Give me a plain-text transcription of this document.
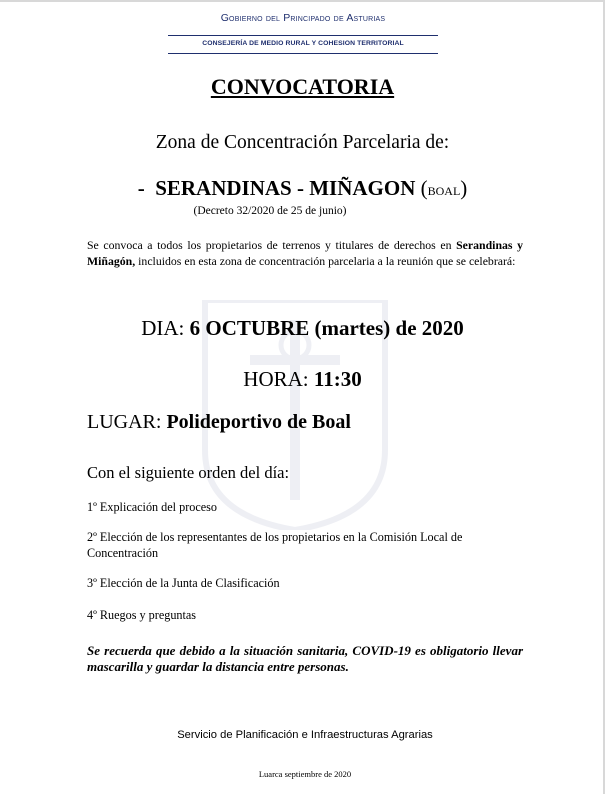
Gobierno del Principado de Asturias
CONSEJERÍA DE MEDIO RURAL Y COHESION TERRITORIAL
CONVOCATORIA
Zona de Concentración Parcelaria de:
- SERANDINAS - MIÑAGON (boal)
(Decreto 32/2020 de 25 de junio)
Se convoca a todos los propietarios de terrenos y titulares de derechos en Serandinas y Miñagón, incluidos en esta zona de concentración parcelaria a la reunión que se celebrará:
DIA: 6 OCTUBRE (martes) de 2020
HORA: 11:30
LUGAR: Polideportivo de Boal
Con el siguiente orden del día:
1º Explicación del proceso
2º Elección de los representantes de los propietarios en la Comisión Local de Concentración
3º Elección de la Junta de Clasificación
4º Ruegos y preguntas
Se recuerda que debido a la situación sanitaria, COVID-19 es obligatorio llevar mascarilla y guardar la distancia entre personas.
Servicio de Planificación e Infraestructuras Agrarias
Luarca septiembre de 2020
